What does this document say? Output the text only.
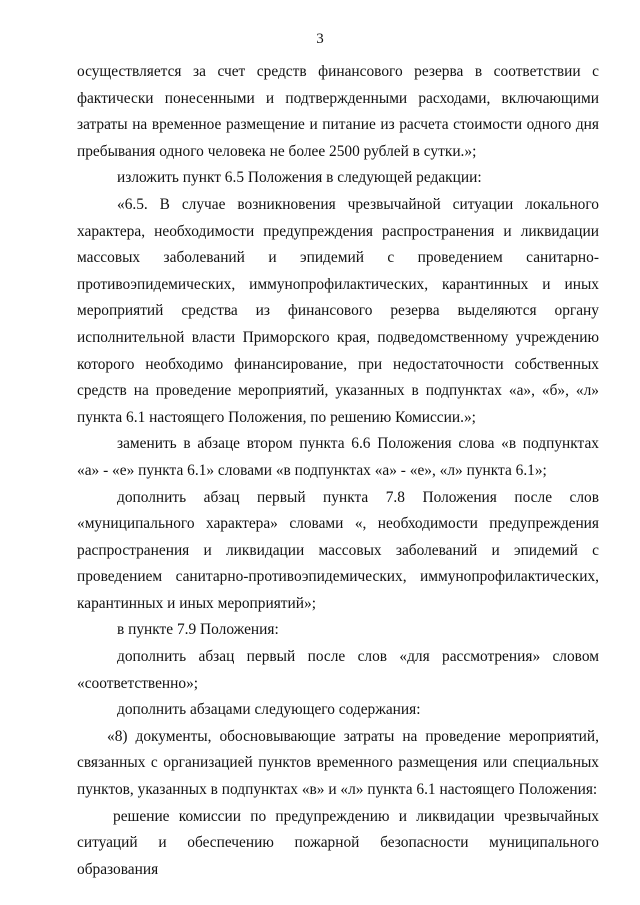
3

осуществляется за счет средств финансового резерва в соответствии с фактически понесенными и подтвержденными расходами, включающими затраты на временное размещение и питание из расчета стоимости одного дня пребывания одного человека не более 2500 рублей в сутки.»;

изложить пункт 6.5 Положения в следующей редакции:

«6.5. В случае возникновения чрезвычайной ситуации локального характера, необходимости предупреждения распространения и ликвидации массовых заболеваний и эпидемий с проведением санитарно-противоэпидемических, иммунопрофилактических, карантинных и иных мероприятий средства из финансового резерва выделяются органу исполнительной власти Приморского края, подведомственному учреждению которого необходимо финансирование, при недостаточности собственных средств на проведение мероприятий, указанных в подпунктах «а», «б», «л» пункта 6.1 настоящего Положения, по решению Комиссии.»;

заменить в абзаце втором пункта 6.6 Положения слова «в подпунктах «а» - «е» пункта 6.1» словами «в подпунктах «а» - «е», «л» пункта 6.1»;

дополнить абзац первый пункта 7.8 Положения после слов «муниципального характера» словами «, необходимости предупреждения распространения и ликвидации массовых заболеваний и эпидемий с проведением санитарно-противоэпидемических, иммунопрофилактических, карантинных и иных мероприятий»;

в пункте 7.9 Положения:

дополнить абзац первый после слов «для рассмотрения» словом «соответственно»;

дополнить абзацами следующего содержания:

«8) документы, обосновывающие затраты на проведение мероприятий, связанных с организацией пунктов временного размещения или специальных пунктов, указанных в подпунктах «в» и «л» пункта 6.1 настоящего Положения:

решение комиссии по предупреждению и ликвидации чрезвычайных ситуаций и обеспечению пожарной безопасности муниципального образования
